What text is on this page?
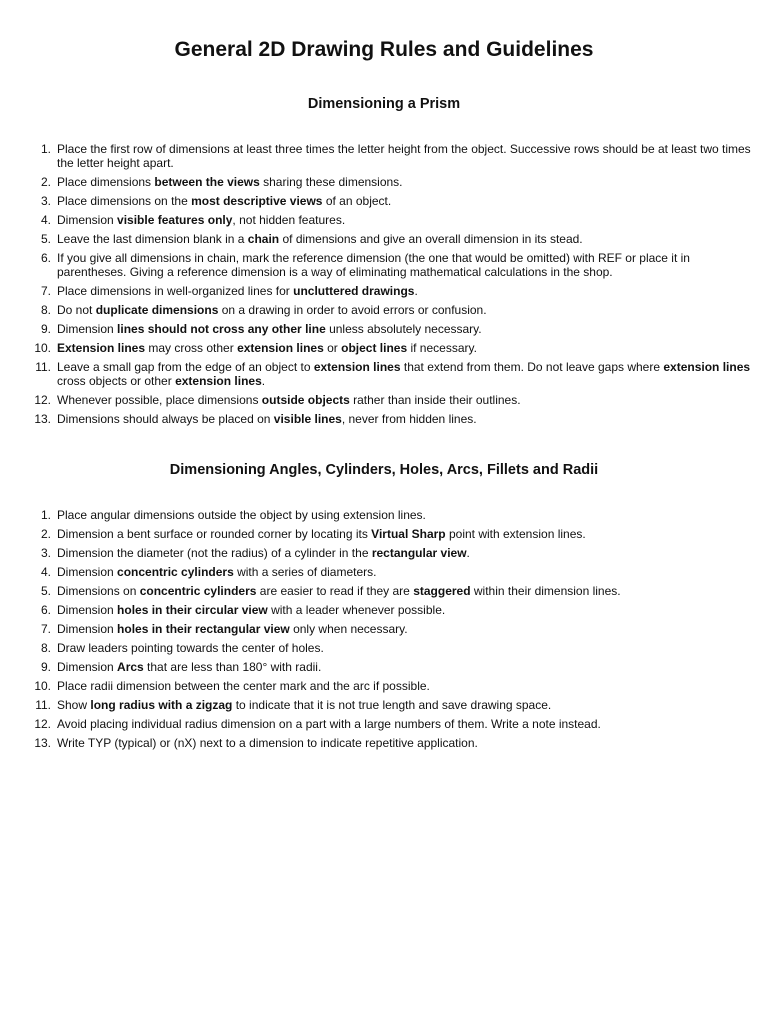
General 2D Drawing Rules and Guidelines
Dimensioning a Prism
1. Place the first row of dimensions at least three times the letter height from the object. Successive rows should be at least two times the letter height apart.
2. Place dimensions between the views sharing these dimensions.
3. Place dimensions on the most descriptive views of an object.
4. Dimension visible features only, not hidden features.
5. Leave the last dimension blank in a chain of dimensions and give an overall dimension in its stead.
6. If you give all dimensions in chain, mark the reference dimension (the one that would be omitted) with REF or place it in parentheses. Giving a reference dimension is a way of eliminating mathematical calculations in the shop.
7. Place dimensions in well-organized lines for uncluttered drawings.
8. Do not duplicate dimensions on a drawing in order to avoid errors or confusion.
9. Dimension lines should not cross any other line unless absolutely necessary.
10. Extension lines may cross other extension lines or object lines if necessary.
11. Leave a small gap from the edge of an object to extension lines that extend from them. Do not leave gaps where extension lines cross objects or other extension lines.
12. Whenever possible, place dimensions outside objects rather than inside their outlines.
13. Dimensions should always be placed on visible lines, never from hidden lines.
Dimensioning Angles, Cylinders, Holes, Arcs, Fillets and Radii
1. Place angular dimensions outside the object by using extension lines.
2. Dimension a bent surface or rounded corner by locating its Virtual Sharp point with extension lines.
3. Dimension the diameter (not the radius) of a cylinder in the rectangular view.
4. Dimension concentric cylinders with a series of diameters.
5. Dimensions on concentric cylinders are easier to read if they are staggered within their dimension lines.
6. Dimension holes in their circular view with a leader whenever possible.
7. Dimension holes in their rectangular view only when necessary.
8. Draw leaders pointing towards the center of holes.
9. Dimension Arcs that are less than 180° with radii.
10. Place radii dimension between the center mark and the arc if possible.
11. Show long radius with a zigzag to indicate that it is not true length and save drawing space.
12. Avoid placing individual radius dimension on a part with a large numbers of them. Write a note instead.
13. Write TYP (typical) or (nX) next to a dimension to indicate repetitive application.
